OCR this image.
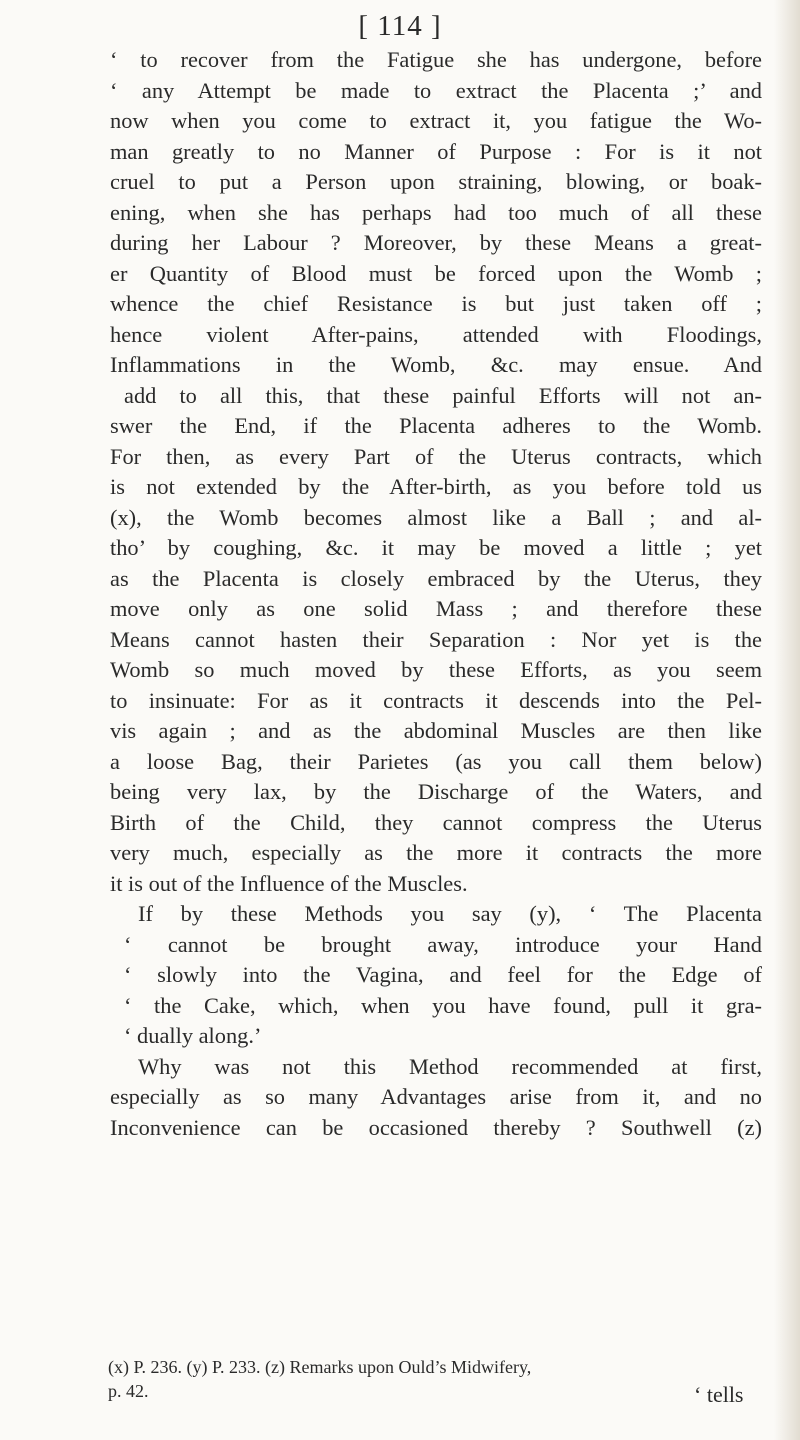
[ 114 ]
‘ to recover from the Fatigue she has undergone, before
‘ any Attempt be made to extract the Placenta ;’ and
now when you come to extract it, you fatigue the Wo-
man greatly to no Manner of Purpose : For is it not
cruel to put a Person upon straining, blowing, or boak-
ening, when she has perhaps had too much of all these
during her Labour ? Moreover, by these Means a great-
er Quantity of Blood must be forced upon the Womb ;
whence the chief Resistance is but just taken off ;
hence violent After-pains, attended with Floodings,
Inflammations in the Womb, &c. may ensue. And
add to all this, that these painful Efforts will not an-
swer the End, if the Placenta adheres to the Womb.
For then, as every Part of the Uterus contracts, which
is not extended by the After-birth, as you before told us
(x), the Womb becomes almost like a Ball ; and al-
tho’ by coughing, &c. it may be moved a little ; yet
as the Placenta is closely embraced by the Uterus, they
move only as one solid Mass ; and therefore these
Means cannot hasten their Separation : Nor yet is the
Womb so much moved by these Efforts, as you seem
to insinuate: For as it contracts it descends into the Pel-
vis again ; and as the abdominal Muscles are then like
a loose Bag, their Parietes (as you call them below)
being very lax, by the Discharge of the Waters, and
Birth of the Child, they cannot compress the Uterus
very much, especially as the more it contracts the more
it is out of the Influence of the Muscles.
If by these Methods you say (y), ‘ The Placenta
‘ cannot be brought away, introduce your Hand
‘ slowly into the Vagina, and feel for the Edge of
‘ the Cake, which, when you have found, pull it gra-
‘ dually along.’
Why was not this Method recommended at first,
especially as so many Advantages arise from it, and no
Inconvenience can be occasioned thereby ? Southwell (z)
(x) P. 236. (y) P. 233. (z) Remarks upon Ould’s Midwifery,
p. 42.	‘ tells
